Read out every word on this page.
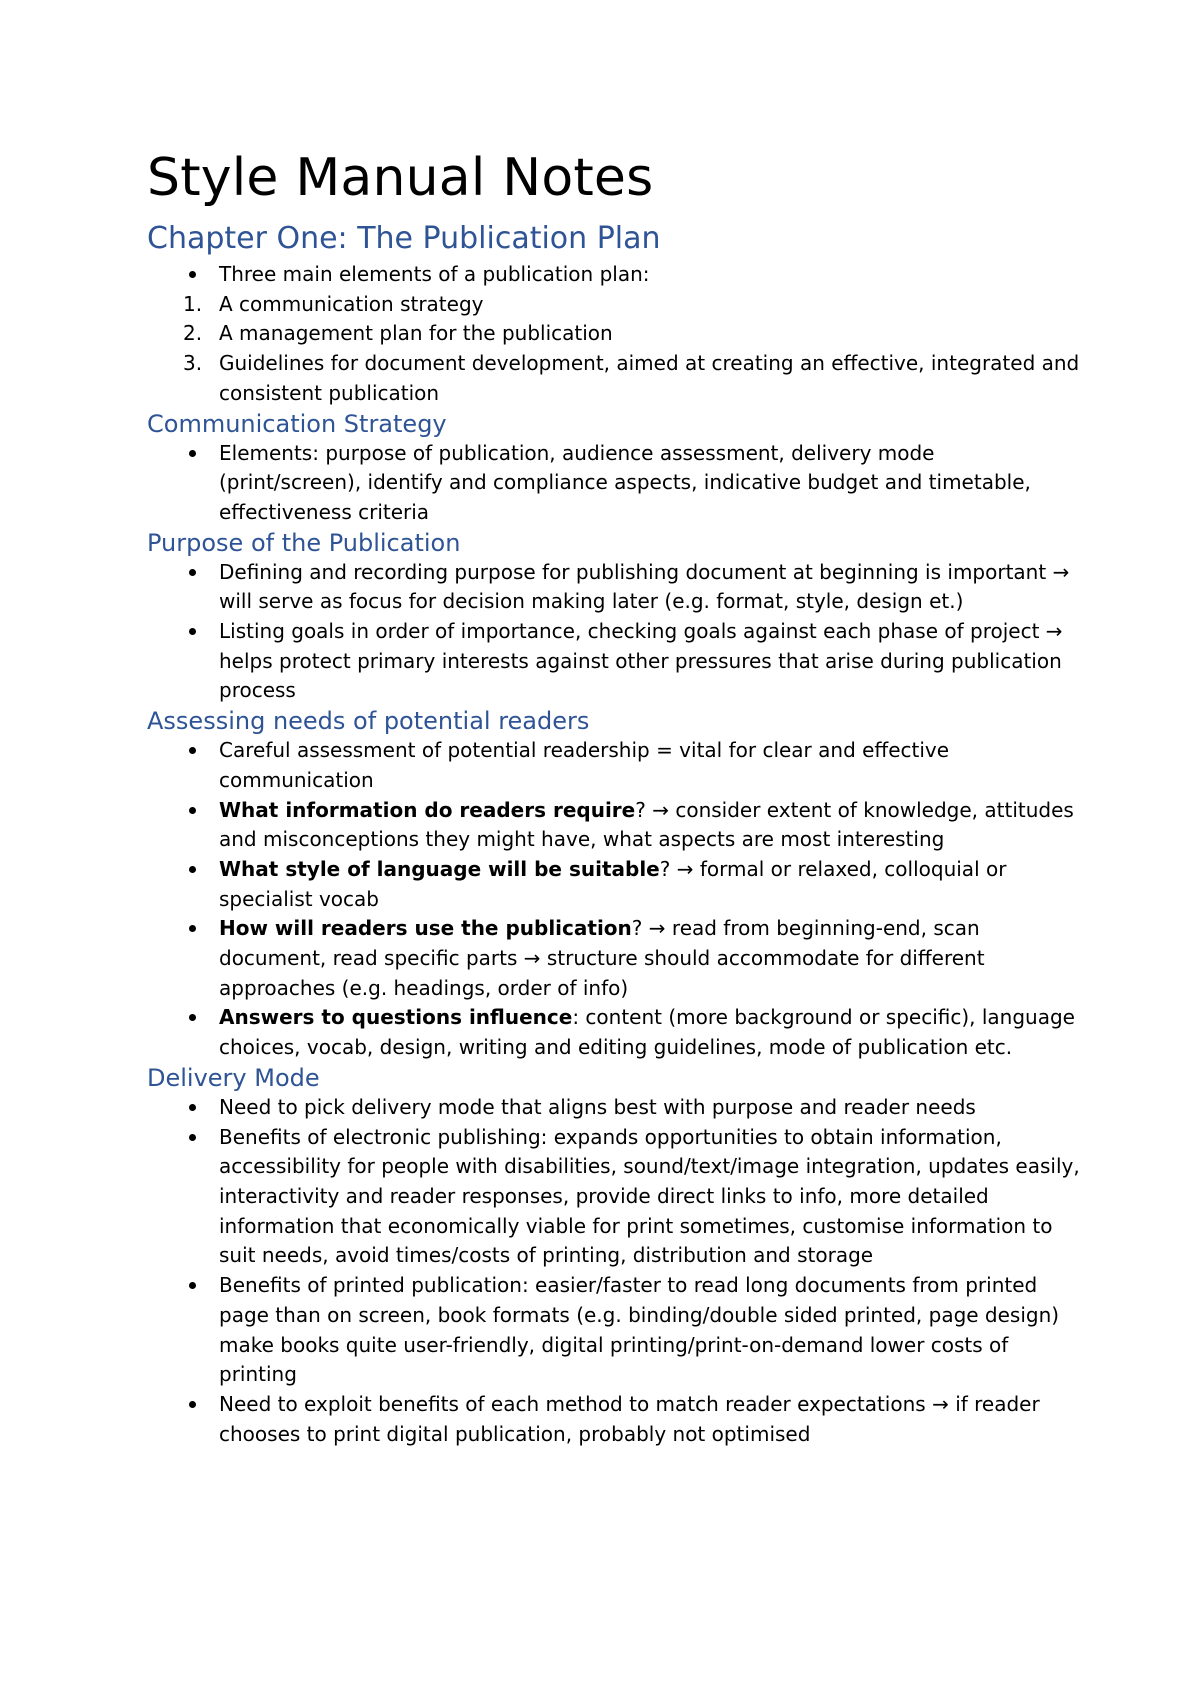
Style Manual Notes
Chapter One: The Publication Plan
Three main elements of a publication plan:
1. A communication strategy
2. A management plan for the publication
3. Guidelines for document development, aimed at creating an effective, integrated and consistent publication
Communication Strategy
Elements: purpose of publication, audience assessment, delivery mode (print/screen), identify and compliance aspects, indicative budget and timetable, effectiveness criteria
Purpose of the Publication
Defining and recording purpose for publishing document at beginning is important → will serve as focus for decision making later (e.g. format, style, design et.)
Listing goals in order of importance, checking goals against each phase of project → helps protect primary interests against other pressures that arise during publication process
Assessing needs of potential readers
Careful assessment of potential readership = vital for clear and effective communication
What information do readers require? → consider extent of knowledge, attitudes and misconceptions they might have, what aspects are most interesting
What style of language will be suitable? → formal or relaxed, colloquial or specialist vocab
How will readers use the publication? → read from beginning-end, scan document, read specific parts → structure should accommodate for different approaches (e.g. headings, order of info)
Answers to questions influence: content (more background or specific), language choices, vocab, design, writing and editing guidelines, mode of publication etc.
Delivery Mode
Need to pick delivery mode that aligns best with purpose and reader needs
Benefits of electronic publishing: expands opportunities to obtain information, accessibility for people with disabilities, sound/text/image integration, updates easily, interactivity and reader responses, provide direct links to info, more detailed information that economically viable for print sometimes, customise information to suit needs, avoid times/costs of printing, distribution and storage
Benefits of printed publication: easier/faster to read long documents from printed page than on screen, book formats (e.g. binding/double sided printed, page design) make books quite user-friendly, digital printing/print-on-demand lower costs of printing
Need to exploit benefits of each method to match reader expectations → if reader chooses to print digital publication, probably not optimised
